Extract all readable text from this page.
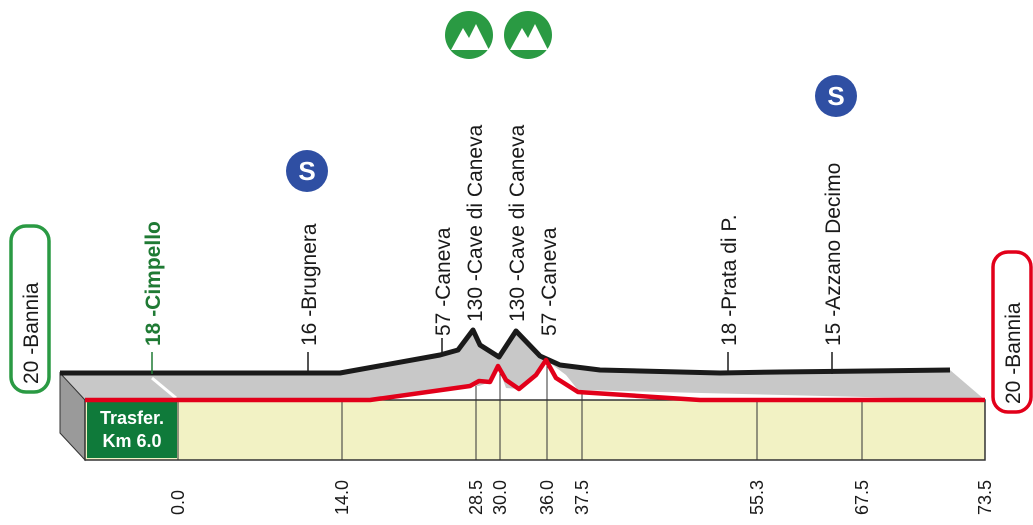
Trasfer.
Km 6.0
18 -Cimpello	16 -Brugnera	57 -Caneva 130 -Cave di Caneva 130 -Cave di Caneva 57 -Caneva	18 -Prata di P.	15 -Azzano Decimo
S
S
20 -Bannia	20 -Bannia
0.0	14.0	28.5 30.0 36.0 37.5	55.3	67.5	73.5
